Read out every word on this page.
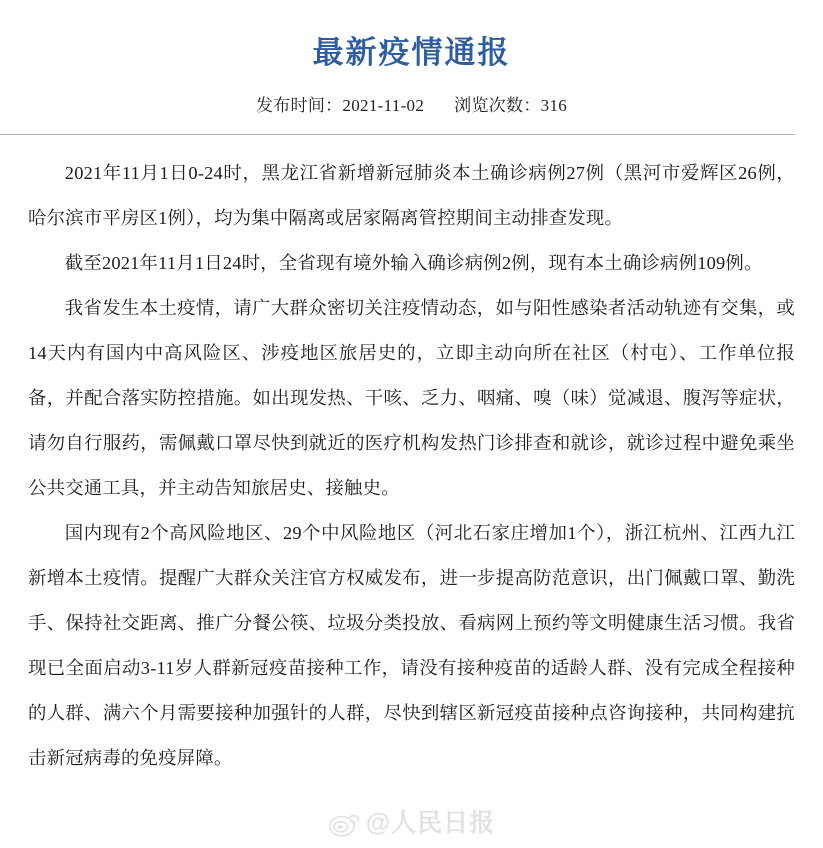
最新疫情通报
发布时间：2021-11-02 浏览次数：316

2021年11月1日0-24时，黑龙江省新增新冠肺炎本土确诊病例27例（黑河市爱辉区26例，哈尔滨市平房区1例），均为集中隔离或居家隔离管控期间主动排查发现。

截至2021年11月1日24时，全省现有境外输入确诊病例2例，现有本土确诊病例109例。

我省发生本土疫情，请广大群众密切关注疫情动态，如与阳性感染者活动轨迹有交集，或14天内有国内中高风险区、涉疫地区旅居史的，立即主动向所在社区（村屯）、工作单位报备，并配合落实防控措施。如出现发热、干咳、乏力、咽痛、嗅（味）觉减退、腹泻等症状，请勿自行服药，需佩戴口罩尽快到就近的医疗机构发热门诊排查和就诊，就诊过程中避免乘坐公共交通工具，并主动告知旅居史、接触史。

国内现有2个高风险地区、29个中风险地区（河北石家庄增加1个），浙江杭州、江西九江新增本土疫情。提醒广大群众关注官方权威发布，进一步提高防范意识，出门佩戴口罩、勤洗手、保持社交距离、推广分餐公筷、垃圾分类投放、看病网上预约等文明健康生活习惯。我省现已全面启动3-11岁人群新冠疫苗接种工作，请没有接种疫苗的适龄人群、没有完成全程接种的人群、满六个月需要接种加强针的人群，尽快到辖区新冠疫苗接种点咨询接种，共同构建抗击新冠病毒的免疫屏障。

@人民日报
